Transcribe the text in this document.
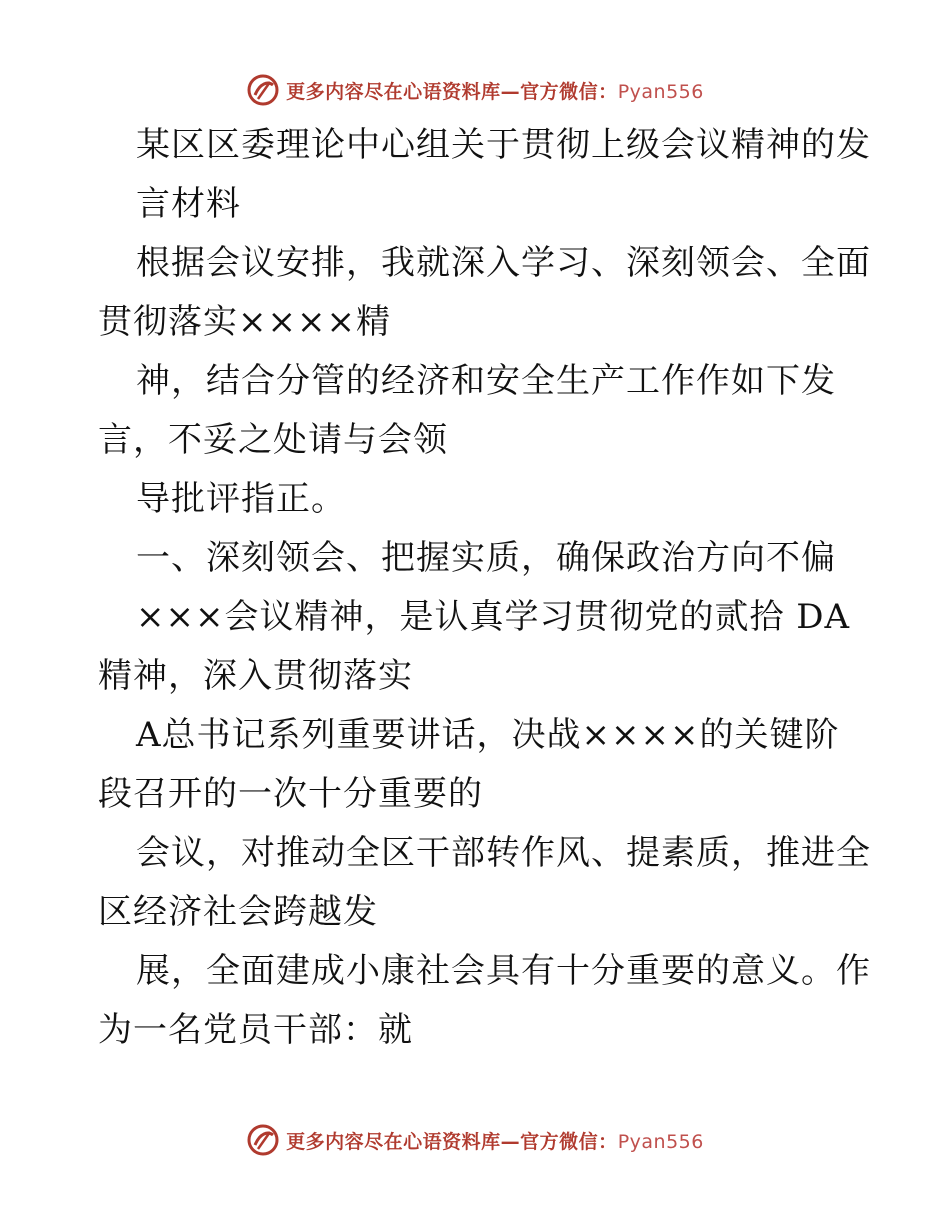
更多内容尽在心语资料库—官方微信：Pyan556
某区区委理论中心组关于贯彻上级会议精神的发
言材料
根据会议安排，我就深入学习、深刻领会、全面
贯彻落实××××精
神，结合分管的经济和安全生产工作作如下发
言，不妥之处请与会领
导批评指正。
一、深刻领会、把握实质，确保政治方向不偏
×××会议精神，是认真学习贯彻党的贰拾 DA
精神，深入贯彻落实
A总书记系列重要讲话，决战××××的关键阶
段召开的一次十分重要的
会议，对推动全区干部转作风、提素质，推进全
区经济社会跨越发
展，全面建成小康社会具有十分重要的意义。作
为一名党员干部：就
更多内容尽在心语资料库—官方微信：Pyan556
